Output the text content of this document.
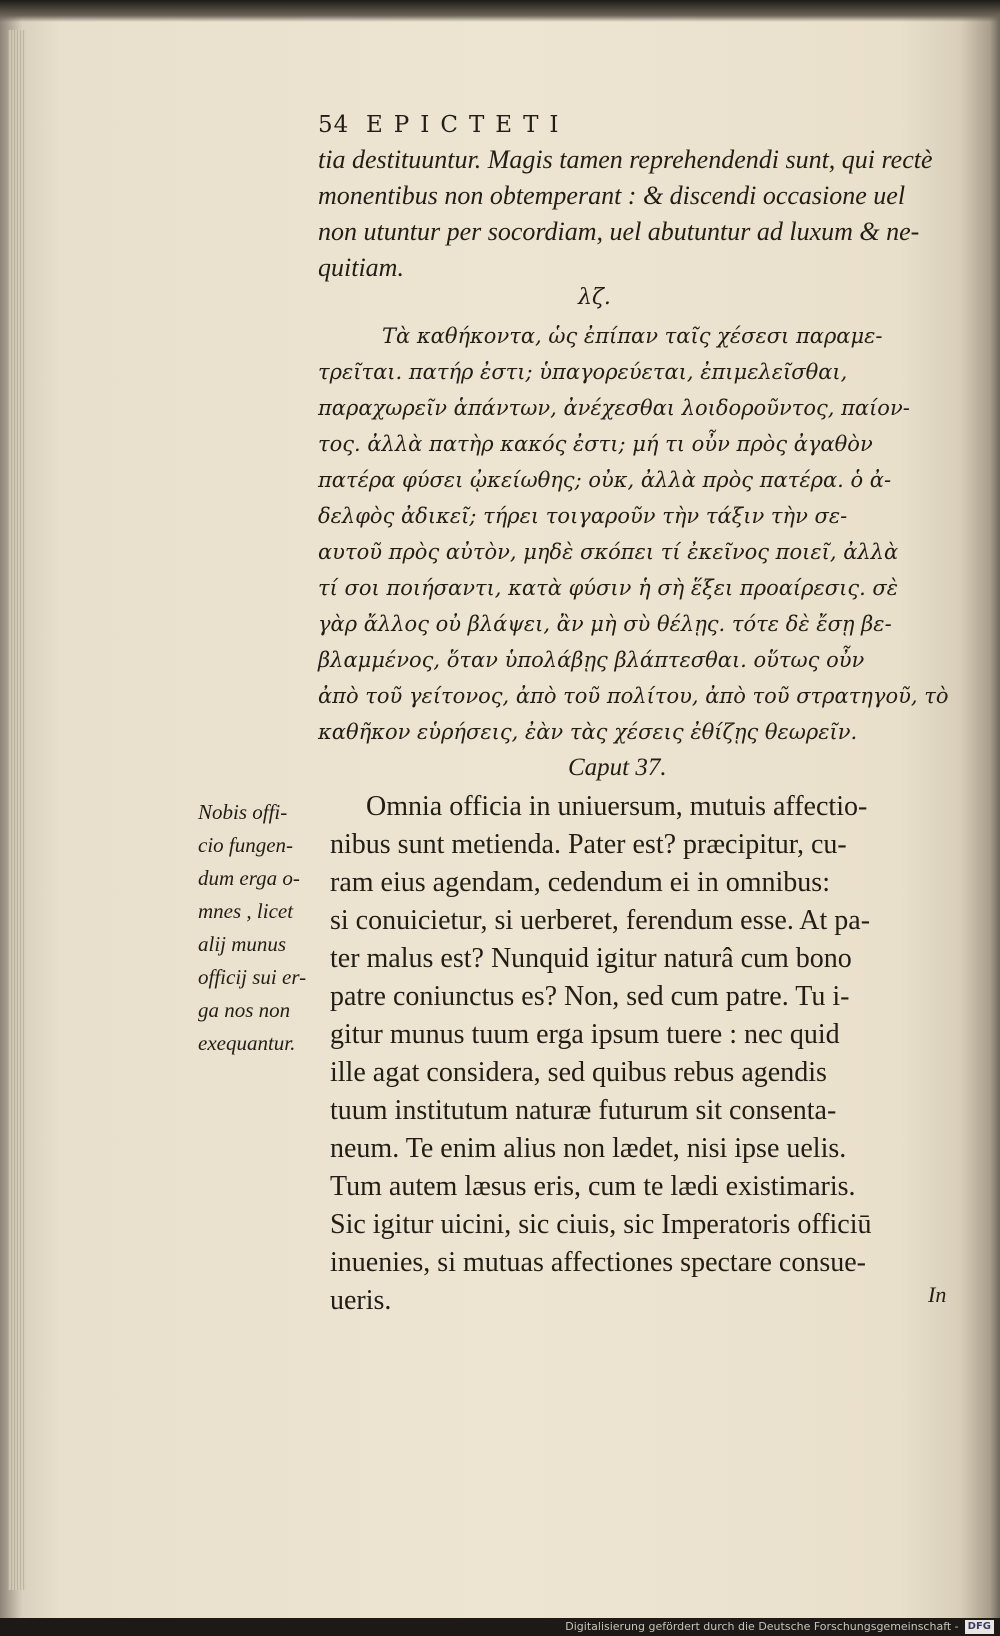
54 EPICTETI
tia destituuntur. Magis tamen reprehendendi sunt, qui rectè
monentibus non obtemperant : & discendi occasione uel
non utuntur per socordiam, uel abutuntur ad luxum & ne-
quitiam.
λζ.
Τὰ καθήκοντα, ὡς ἐπίπαν ταῖς χέσεσι παραμε-
τρεῖται. πατήρ ἐστι; ὑπαγορεύεται, ἐπιμελεῖσθαι,
παραχωρεῖν ἁπάντων, ἀνέχεσθαι λοιδοροῦντος, παίον-
τος. ἀλλὰ πατὴρ κακός ἐστι; μή τι οὖν πρὸς ἀγαθὸν
πατέρα φύσει ᾠκείωθης; οὐκ, ἀλλὰ πρὸς πατέρα. ὁ ἀ-
δελφὸς ἀδικεῖ; τήρει τοιγαροῦν τὴν τάξιν τὴν σε-
αυτοῦ πρὸς αὐτὸν, μηδὲ σκόπει τί ἐκεῖνος ποιεῖ, ἀλλὰ
τί σοι ποιήσαντι, κατὰ φύσιν ἡ σὴ ἕξει προαίρεσις. σὲ
γὰρ ἄλλος οὐ βλάψει, ἂν μὴ σὺ θέλῃς. τότε δὲ ἔσῃ βε-
βλαμμένος, ὅταν ὑπολάβῃς βλάπτεσθαι. οὕτως οὖν
ἀπὸ τοῦ γείτονος, ἀπὸ τοῦ πολίτου, ἀπὸ τοῦ στρατηγοῦ, τὸ
καθῆκον εὑρήσεις, ἐὰν τὰς χέσεις ἐθίζῃς θεωρεῖν.
Caput 37.
Omnia officia in uniuersum, mutuis affectio-
nibus sunt metienda. Pater est? præcipitur, cu-
ram eius agendam, cedendum ei in omnibus:
si conuicietur, si uerberet, ferendum esse. At pa-
ter malus est? Nunquid igitur naturâ cum bono
patre coniunctus es? Non, sed cum patre. Tu i-
gitur munus tuum erga ipsum tuere : nec quid
ille agat considera, sed quibus rebus agendis
tuum institutum naturæ futurum sit consenta-
neum. Te enim alius non lædet, nisi ipse uelis.
Tum autem læsus eris, cum te lædi existimaris.
Sic igitur uicini, sic ciuis, sic Imperatoris officiū
inuenies, si mutuas affectiones spectare consue-
ueris.
Nobis offi-
cio fungen-
dum erga o-
mnes , licet
alij munus
officij sui er-
ga nos non
exequantur.
In
Digitalisierung gefördert durch die Deutsche Forschungsgemeinschaft - DFG
